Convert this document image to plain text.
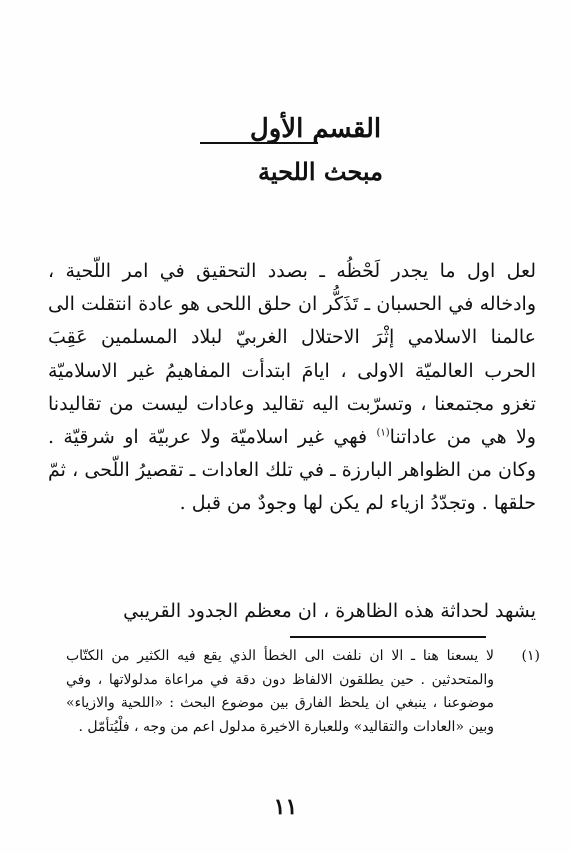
القسم الأول
مبحث اللحية

لعل اول ما يجدر لَحْظُه ـ بصدد التحقيق في امر اللّحية ، وادخاله في الحسبان ـ تَذَكُّر ان حلق اللحى هو عادة انتقلت الى عالمنا الاسلامي إثْرَ الاحتلال الغربيّ لبلاد المسلمين عَقِبَ الحرب العالميّة الاولى ، ايامَ ابتدأت المفاهيمُ غير الاسلاميّة تغزو مجتمعنا ، وتسرّبت اليه تقاليد وعادات ليست من تقاليدنا ولا هي من عاداتنا$^{(١)}$ فهي غير اسلاميّة ولا عربيّة او شرقيّة . وكان من الظواهر البارزة ـ في تلك العادات ـ تقصيرُ اللّحى ، ثمّ حلقها . وتجدّدُ ازياء لم يكن لها وجودٌ من قبل .

يشهد لحداثة هذه الظاهرة ، ان معظم الجدود القريبي
(١)
لا يسعنا هنا ـ الا ان نلفت الى الخطأ الذي يقع فيه الكثير من الكتّاب والمتحدثين . حين يطلقون الالفاظ دون دقة في مراعاة مدلولاتها ، وفي موضوعنا ، ينبغي ان يلحظ الفارق بين موضوع البحث : «اللحية والازياء» وبين «العادات والتقاليد» وللعبارة الاخيرة مدلول اعم من وجه ، فلْيُتأمّل .
١١
